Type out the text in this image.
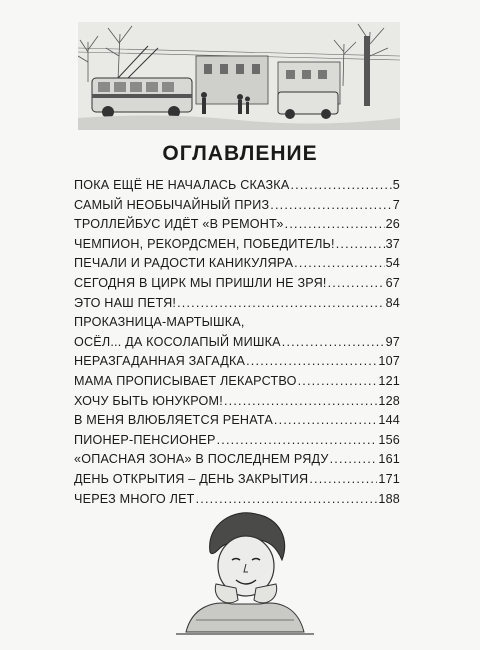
ОГЛАВЛЕНИЕ
ПОКА ЕЩЁ НЕ НАЧАЛАСЬ СКАЗКА .....	5
САМЫЙ НЕОБЫЧАЙНЫЙ ПРИЗ .....	7
ТРОЛЛЕЙБУС ИДЁТ «В РЕМОНТ» .....	26
ЧЕМПИОН, РЕКОРДСМЕН, ПОБЕДИТЕЛЬ! .....	37
ПЕЧАЛИ И РАДОСТИ КАНИКУЛЯРА .....	54
СЕГОДНЯ В ЦИРК МЫ ПРИШЛИ НЕ ЗРЯ! .....	67
ЭТО НАШ ПЕТЯ! .....	84
ПРОКАЗНИЦА-МАРТЫШКА,
ОСЁЛ... ДА КОСОЛАПЫЙ МИШКА .....	97
НЕРАЗГАДАННАЯ ЗАГАДКА .....	107
МАМА ПРОПИСЫВАЕТ ЛЕКАРСТВО .....	121
ХОЧУ БЫТЬ ЮНУКРОМ! .....	128
В МЕНЯ ВЛЮБЛЯЕТСЯ РЕНАТА .....	144
ПИОНЕР-ПЕНСИОНЕР .....	156
«ОПАСНАЯ ЗОНА» В ПОСЛЕДНЕМ РЯДУ .....	161
ДЕНЬ ОТКРЫТИЯ – ДЕНЬ ЗАКРЫТИЯ .....	171
ЧЕРЕЗ МНОГО ЛЕТ .....	188
